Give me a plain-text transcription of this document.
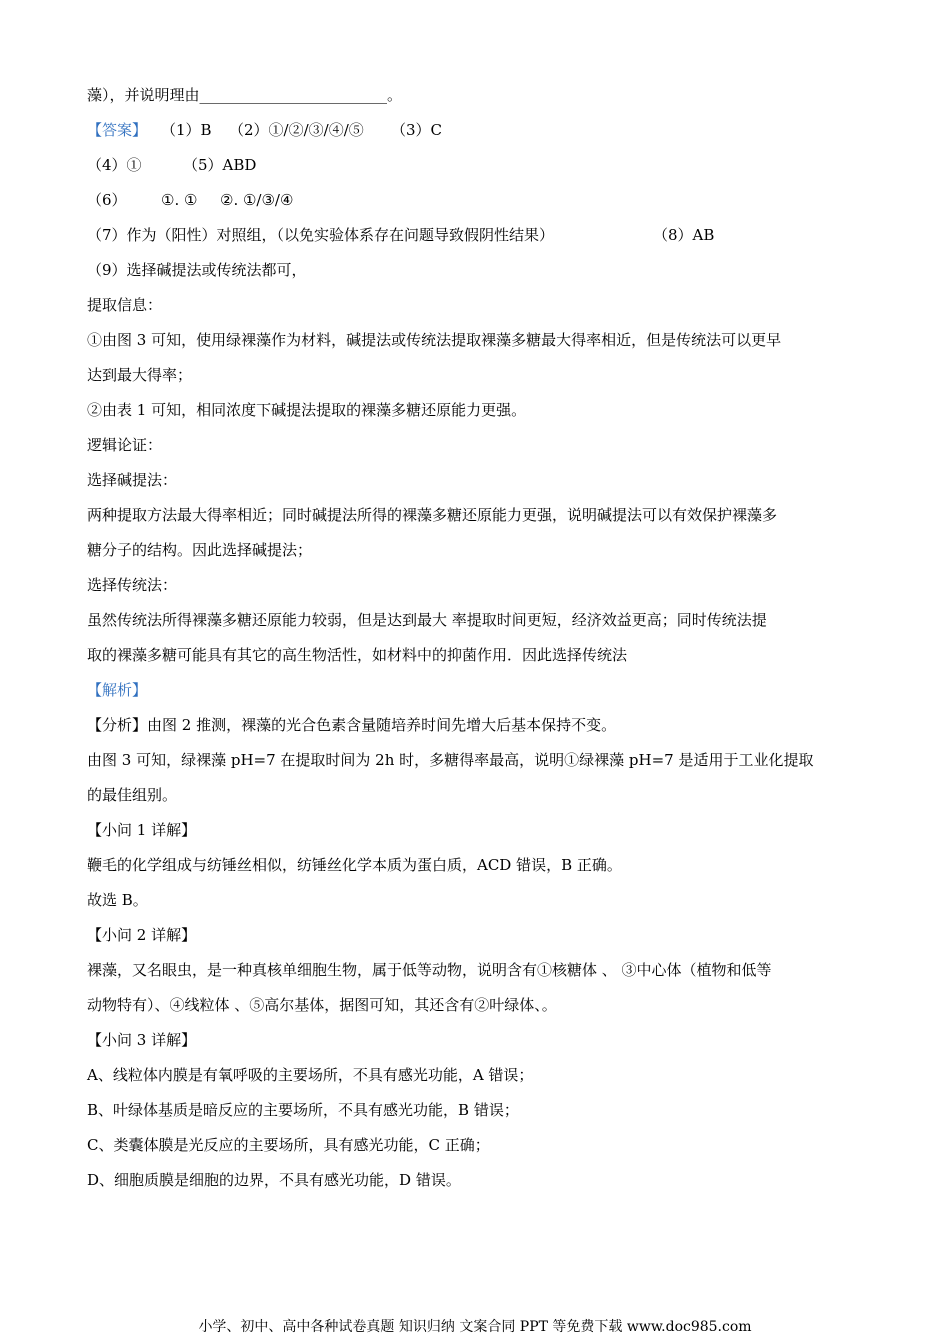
藻），并说明理由_________________________。
【答案】 （1）B （2）①/②/③/④/⑤ （3）C
（4）①	（5）ABD
（6） ①. ① ②. ①/③/④
（7）作为（阳性）对照组，（以免实验体系存在问题导致假阴性结果）	（8）AB
（9）选择碱提法或传统法都可，
提取信息：
①由图 3 可知，使用绿裸藻作为材料，碱提法或传统法提取裸藻多糖最大得率相近，但是传统法可以更早
达到最大得率；
②由表 1 可知，相同浓度下碱提法提取的裸藻多糖还原能力更强。
逻辑论证：
选择碱提法：
两种提取方法最大得率相近；同时碱提法所得的裸藻多糖还原能力更强，说明碱提法可以有效保护裸藻多
糖分子的结构。因此选择碱提法；
选择传统法：
虽然传统法所得裸藻多糖还原能力较弱，但是达到最大 率提取时间更短，经济效益更高；同时传统法提
取的裸藻多糖可能具有其它的高生物活性，如材料中的抑菌作用．因此选择传统法
【解析】
【分析】由图 2 推测，裸藻的光合色素含量随培养时间先增大后基本保持不变。
由图 3 可知，绿裸藻 pH=7 在提取时间为 2h 时，多糖得率最高，说明①绿裸藻 pH=7 是适用于工业化提取
的最佳组别。
【小问 1 详解】
鞭毛的化学组成与纺锤丝相似，纺锤丝化学本质为蛋白质，ACD 错误，B 正确。
故选 B。
【小问 2 详解】
裸藻，又名眼虫，是一种真核单细胞生物，属于低等动物，说明含有①核糖体 、 ③中心体（植物和低等
动物特有）、④线粒体 、⑤高尔基体，据图可知，其还含有②叶绿体、。
【小问 3 详解】
A、线粒体内膜是有氧呼吸的主要场所，不具有感光功能，A 错误；
B、叶绿体基质是暗反应的主要场所，不具有感光功能，B 错误；
C、类囊体膜是光反应的主要场所，具有感光功能，C 正确；
D、细胞质膜是细胞的边界，不具有感光功能，D 错误。
小学、初中、高中各种试卷真题 知识归纳 文案合同 PPT 等免费下载 www.doc985.com
